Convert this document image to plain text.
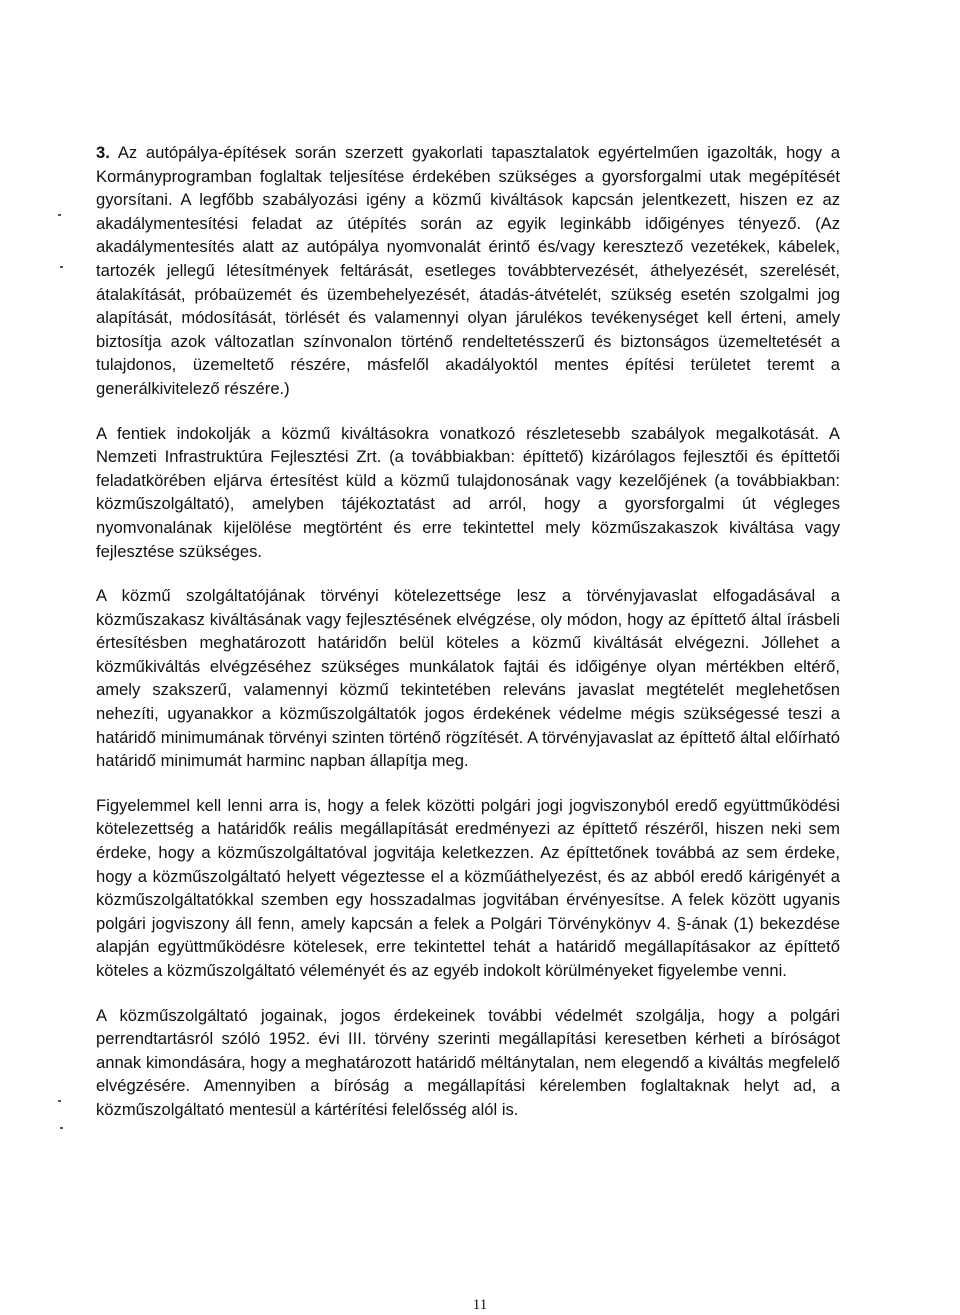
3. Az autópálya-építések során szerzett gyakorlati tapasztalatok egyértelműen igazolták, hogy a Kormányprogramban foglaltak teljesítése érdekében szükséges a gyorsforgalmi utak megépítését gyorsítani. A legfőbb szabályozási igény a közmű kiváltások kapcsán jelentkezett, hiszen ez az akadálymentesítési feladat az útépítés során az egyik leginkább időigényes tényező. (Az akadálymentesítés alatt az autópálya nyomvonalát érintő és/vagy keresztező vezetékek, kábelek, tartozék jellegű létesítmények feltárását, esetleges továbbtervezését, áthelyezését, szerelését, átalakítását, próbaüzemét és üzembehelyezését, átadás-átvételét, szükség esetén szolgalmi jog alapítását, módosítását, törlését és valamennyi olyan járulékos tevékenységet kell érteni, amely biztosítja azok változatlan színvonalon történő rendeltetésszerű és biztonságos üzemeltetését a tulajdonos, üzemeltető részére, másfelől akadályoktól mentes építési területet teremt a generálkivitelező részére.)

A fentiek indokolják a közmű kiváltásokra vonatkozó részletesebb szabályok megalkotását. A Nemzeti Infrastruktúra Fejlesztési Zrt. (a továbbiakban: építtető) kizárólagos fejlesztői és építtetői feladatkörében eljárva értesítést küld a közmű tulajdonosának vagy kezelőjének (a továbbiakban: közműszolgáltató), amelyben tájékoztatást ad arról, hogy a gyorsforgalmi út végleges nyomvonalának kijelölése megtörtént és erre tekintettel mely közműszakaszok kiváltása vagy fejlesztése szükséges.

A közmű szolgáltatójának törvényi kötelezettsége lesz a törvényjavaslat elfogadásával a közműszakasz kiváltásának vagy fejlesztésének elvégzése, oly módon, hogy az építtető által írásbeli értesítésben meghatározott határidőn belül köteles a közmű kiváltását elvégezni. Jóllehet a közműkiváltás elvégzéséhez szükséges munkálatok fajtái és időigénye olyan mértékben eltérő, amely szakszerű, valamennyi közmű tekintetében releváns javaslat megtételét meglehetősen nehezíti, ugyanakkor a közműszolgáltatók jogos érdekének védelme mégis szükségessé teszi a határidő minimumának törvényi szinten történő rögzítését. A törvényjavaslat az építtető által előírható határidő minimumát harminc napban állapítja meg.

Figyelemmel kell lenni arra is, hogy a felek közötti polgári jogi jogviszonyból eredő együttműködési kötelezettség a határidők reális megállapítását eredményezi az építtető részéről, hiszen neki sem érdeke, hogy a közműszolgáltatóval jogvitája keletkezzen. Az építtetőnek továbbá az sem érdeke, hogy a közműszolgáltató helyett végeztesse el a közműáthelyezést, és az abból eredő kárigényét a közműszolgáltatókkal szemben egy hosszadalmas jogvitában érvényesítse. A felek között ugyanis polgári jogviszony áll fenn, amely kapcsán a felek a Polgári Törvénykönyv 4. §-ának (1) bekezdése alapján együttműködésre kötelesek, erre tekintettel tehát a határidő megállapításakor az építtető köteles a közműszolgáltató véleményét és az egyéb indokolt körülményeket figyelembe venni.

A közműszolgáltató jogainak, jogos érdekeinek további védelmét szolgálja, hogy a polgári perrendtartásról szóló 1952. évi III. törvény szerinti megállapítási keresetben kérheti a bíróságot annak kimondására, hogy a meghatározott határidő méltánytalan, nem elegendő a kiváltás megfelelő elvégzésére. Amennyiben a bíróság a megállapítási kérelemben foglaltaknak helyt ad, a közműszolgáltató mentesül a kártérítési felelősség alól is.

11
